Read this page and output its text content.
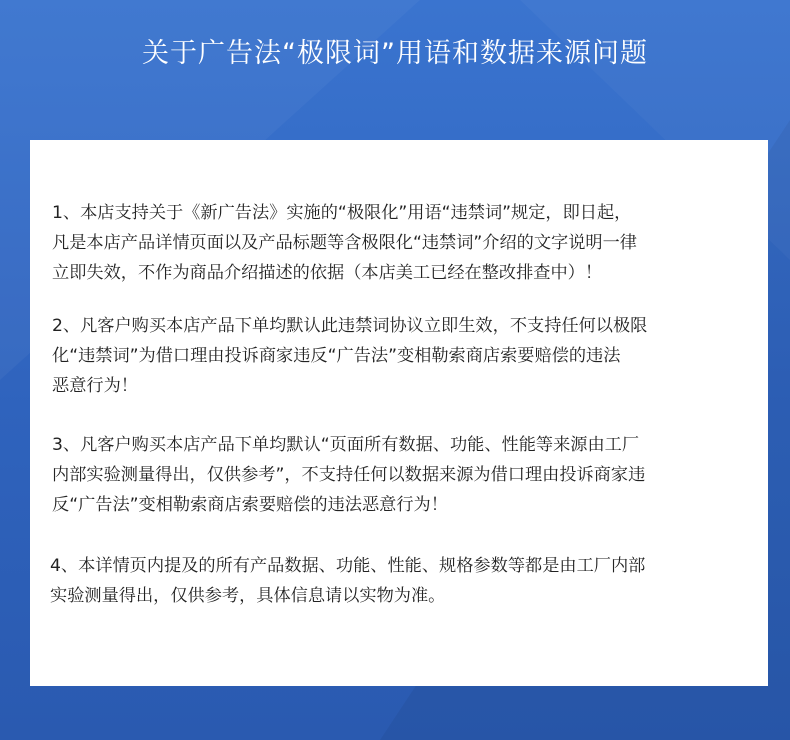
关于广告法“极限词”用语和数据来源问题

1、本店支持关于《新广告法》实施的“极限化”用语“违禁词”规定，即日起，
凡是本店产品详情页面以及产品标题等含极限化“违禁词”介绍的文字说明一律
立即失效，不作为商品介绍描述的依据（本店美工已经在整改排查中）！

2、凡客户购买本店产品下单均默认此违禁词协议立即生效，不支持任何以极限
化“违禁词”为借口理由投诉商家违反“广告法”变相勒索商店索要赔偿的违法
恶意行为！

3、凡客户购买本店产品下单均默认“页面所有数据、功能、性能等来源由工厂
内部实验测量得出，仅供参考”，不支持任何以数据来源为借口理由投诉商家违
反“广告法”变相勒索商店索要赔偿的违法恶意行为！

4、本详情页内提及的所有产品数据、功能、性能、规格参数等都是由工厂内部
实验测量得出，仅供参考，具体信息请以实物为准。
